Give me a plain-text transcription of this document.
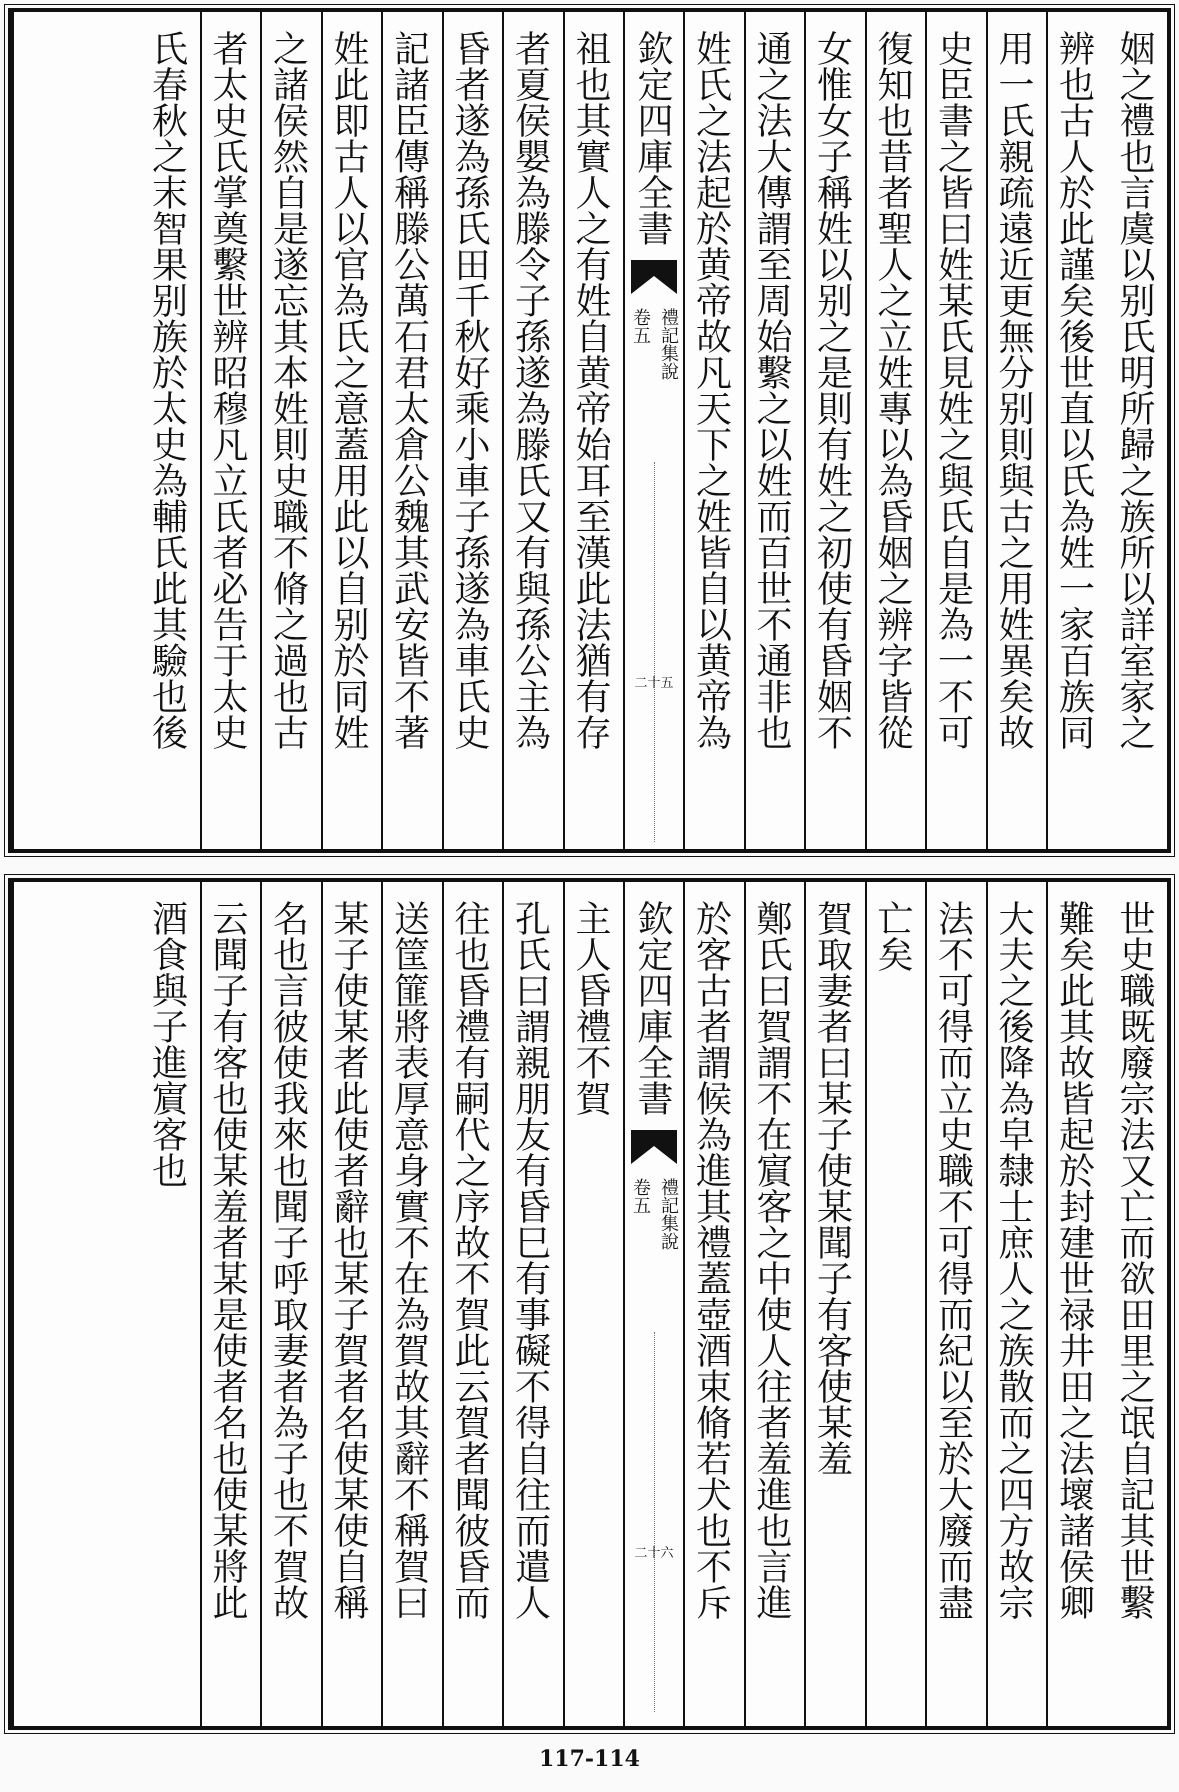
姻之禮也言虞以别氏明所歸之族所以詳室家之
辨也古人於此謹矣後世直以氏為姓一家百族同
用一氏親疏遠近更無分别則與古之用姓異矣故
史臣書之皆曰姓某氏見姓之與氏自是為一不可
復知也昔者聖人之立姓專以為昏姻之辨字皆從
女惟女子稱姓以别之是則有姓之初使有昏姻不
通之法大傳謂至周始繫之以姓而百世不通非也
姓氏之法起於黄帝故凡天下之姓皆自以黄帝為
欽定四庫全書
禮記集說
卷五
二十五
祖也其實人之有姓自黄帝始耳至漢此法猶有存
者夏侯嬰為滕令子孫遂為滕氏又有與孫公主為
昏者遂為孫氏田千秋好乘小車子孫遂為車氏史
記諸臣傳稱滕公萬石君太倉公魏其武安皆不著
姓此即古人以官為氏之意蓋用此以自别於同姓
之諸侯然自是遂忘其本姓則史職不脩之過也古
者太史氏掌奠繫世辨昭穆凡立氏者必告于太史
氏春秋之末智果别族於太史為輔氏此其驗也後
世史職既廢宗法又亡而欲田里之氓自記其世繫
難矣此其故皆起於封建世禄井田之法壞諸侯卿
大夫之後降為皁隸士庶人之族散而之四方故宗
法不可得而立史職不可得而紀以至於大廢而盡
亡矣
賀取妻者曰某子使某聞子有客使某羞
鄭氏曰賀謂不在賔客之中使人往者羞進也言進
於客古者謂候為進其禮蓋壺酒束脩若犬也不斥
欽定四庫全書
禮記集說
卷五
二十六
主人昏禮不賀
孔氏曰謂親朋友有昏巳有事礙不得自往而遣人
往也昏禮有嗣代之序故不賀此云賀者聞彼昏而
送筐篚將表厚意身實不在為賀故其辭不稱賀曰
某子使某者此使者辭也某子賀者名使某使自稱
名也言彼使我來也聞子呼取妻者為子也不賀故
云聞子有客也使某羞者某是使者名也使某將此
酒食與子進賔客也
117-114
